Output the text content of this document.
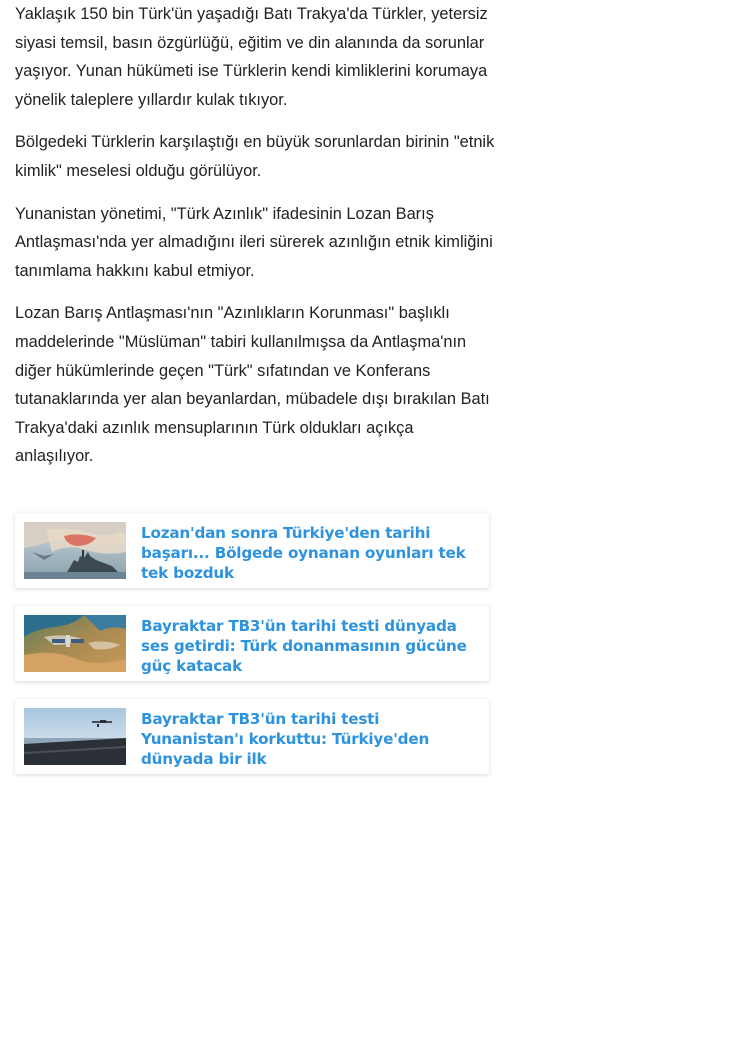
Yaklaşık 150 bin Türk'ün yaşadığı Batı Trakya'da Türkler, yetersiz siyasi temsil, basın özgürlüğü, eğitim ve din alanında da sorunlar yaşıyor. Yunan hükümeti ise Türklerin kendi kimliklerini korumaya yönelik taleplere yıllardır kulak tıkıyor.

Bölgedeki Türklerin karşılaştığı en büyük sorunlardan birinin "etnik kimlik" meselesi olduğu görülüyor.

Yunanistan yönetimi, "Türk Azınlık" ifadesinin Lozan Barış Antlaşması'nda yer almadığını ileri sürerek azınlığın etnik kimliğini tanımlama hakkını kabul etmiyor.

Lozan Barış Antlaşması'nın "Azınlıkların Korunması" başlıklı maddelerinde "Müslüman" tabiri kullanılmışsa da Antlaşma'nın diğer hükümlerinde geçen "Türk" sıfatından ve Konferans tutanaklarında yer alan beyanlardan, mübadele dışı bırakılan Batı Trakya'daki azınlık mensuplarının Türk oldukları açıkça anlaşılıyor.

Lozan'dan sonra Türkiye'den tarihi başarı... Bölgede oynanan oyunları tek tek bozduk
Bayraktar TB3'ün tarihi testi dünyada ses getirdi: Türk donanmasının gücüne güç katacak
Bayraktar TB3'ün tarihi testi Yunanistan'ı korkuttu: Türkiye'den dünyada bir ilk
